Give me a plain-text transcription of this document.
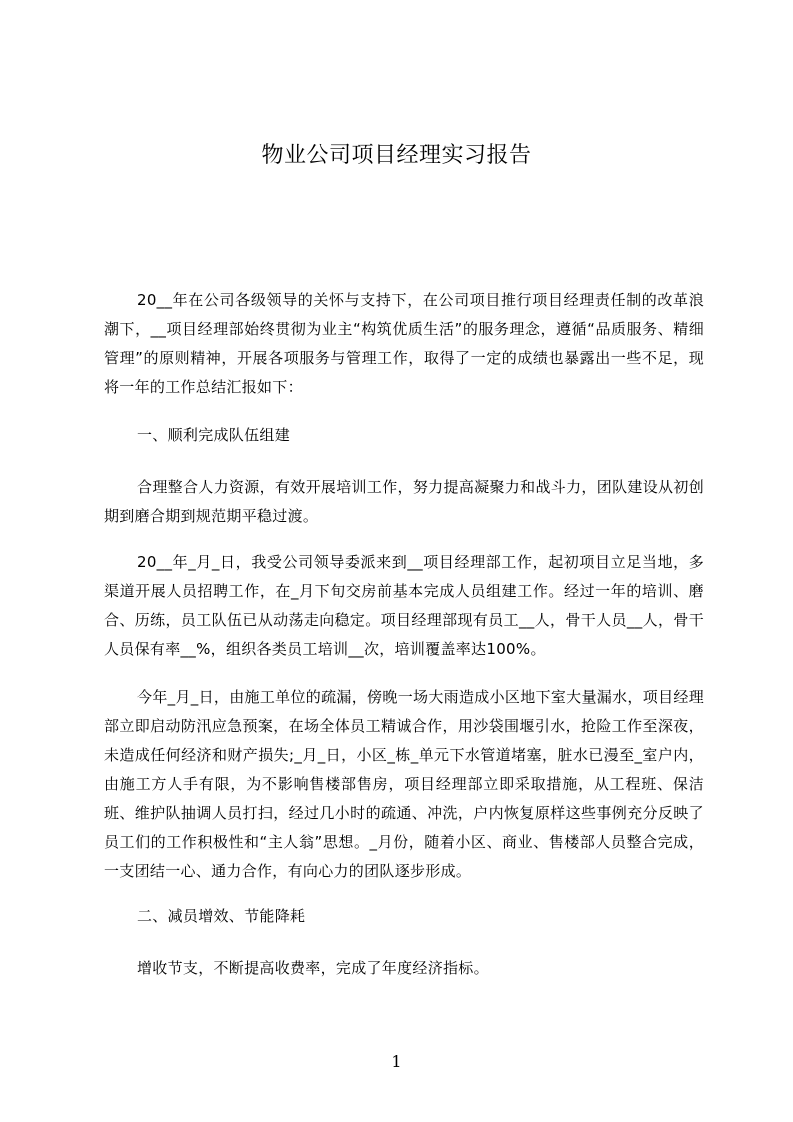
物业公司项目经理实习报告
20__年在公司各级领导的关怀与支持下，在公司项目推行项目经理责任制的改革浪潮下，__项目经理部始终贯彻为业主“构筑优质生活”的服务理念，遵循“品质服务、精细管理”的原则精神，开展各项服务与管理工作，取得了一定的成绩也暴露出一些不足，现将一年的工作总结汇报如下：
一、顺利完成队伍组建
合理整合人力资源，有效开展培训工作，努力提高凝聚力和战斗力，团队建设从初创期到磨合期到规范期平稳过渡。
20__年_月_日，我受公司领导委派来到__项目经理部工作，起初项目立足当地，多渠道开展人员招聘工作，在_月下旬交房前基本完成人员组建工作。经过一年的培训、磨合、历练，员工队伍已从动荡走向稳定。项目经理部现有员工__人，骨干人员__人，骨干人员保有率__%，组织各类员工培训__次，培训覆盖率达100%。
今年_月_日，由施工单位的疏漏，傍晚一场大雨造成小区地下室大量漏水，项目经理部立即启动防汛应急预案，在场全体员工精诚合作，用沙袋围堰引水，抢险工作至深夜，未造成任何经济和财产损失;_月_日，小区_栋_单元下水管道堵塞，脏水已漫至_室户内，由施工方人手有限，为不影响售楼部售房，项目经理部立即采取措施，从工程班、保洁班、维护队抽调人员打扫，经过几小时的疏通、冲洗，户内恢复原样这些事例充分反映了员工们的工作积极性和“主人翁”思想。_月份，随着小区、商业、售楼部人员整合完成，一支团结一心、通力合作，有向心力的团队逐步形成。
二、减员增效、节能降耗
增收节支，不断提高收费率，完成了年度经济指标。
1
